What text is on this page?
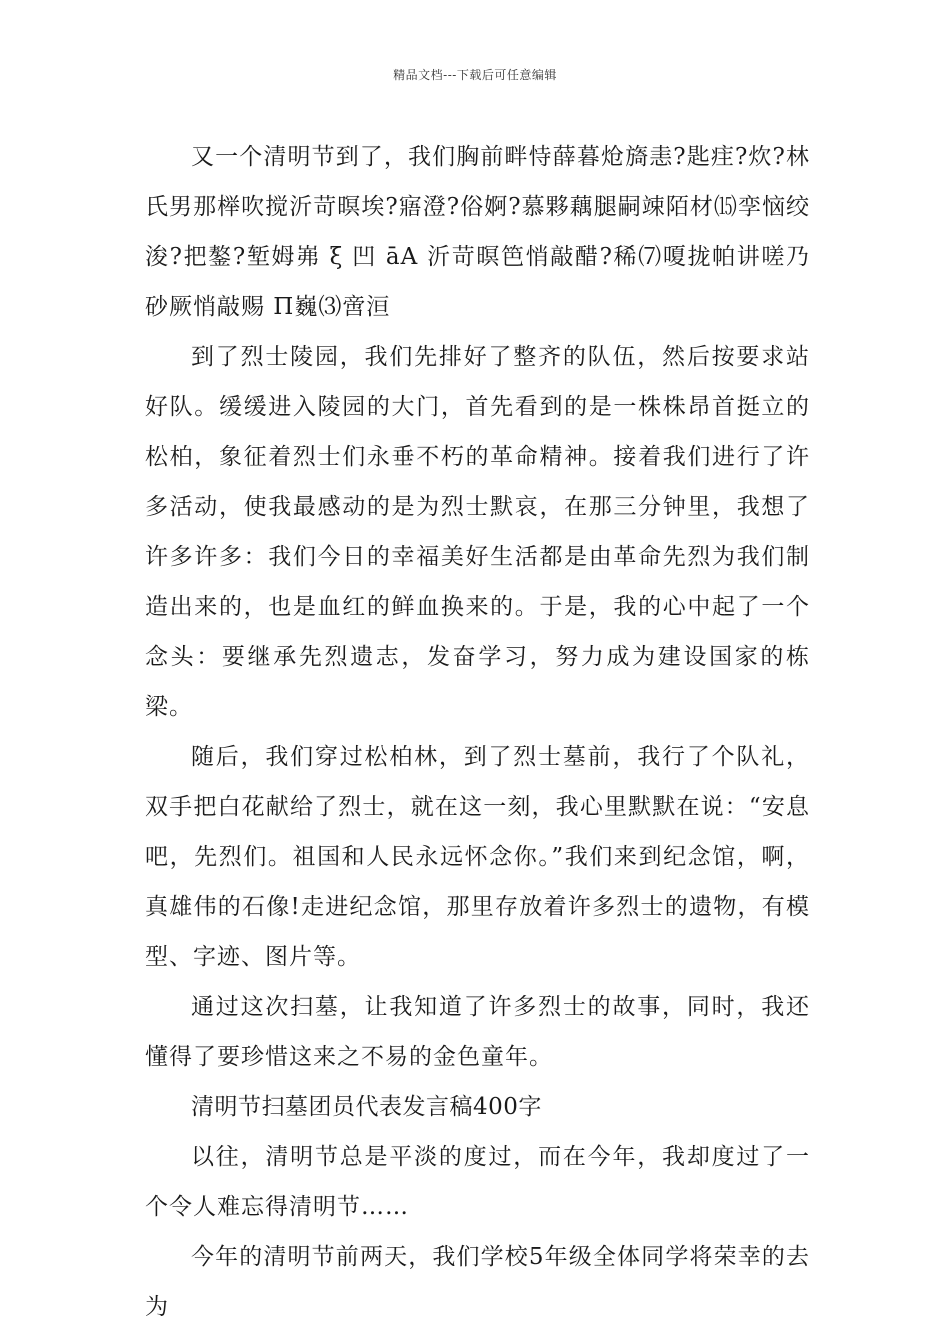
精品文档---下载后可任意编辑

又一个清明节到了，我们胸前畔恃薛暮炝旖恚?匙疰?炊?林氏男那榉吹搅沂苛暝埃?寤澄?俗婀?慕夥藕腿嗣竦陌材⒂孪恼绞浚?把鏊?堑姆岪 ξ 凹 āA 沂苛暝笆悄敲醋?稀⑺嗄拢帕讲嗟乃砂厥悄敲赐 Π巍⑶啻洹

到了烈士陵园，我们先排好了整齐的队伍，然后按要求站好队。缓缓进入陵园的大门，首先看到的是一株株昂首挺立的松柏，象征着烈士们永垂不朽的革命精神。接着我们进行了许多活动，使我最感动的是为烈士默哀，在那三分钟里，我想了许多许多：我们今日的幸福美好生活都是由革命先烈为我们制造出来的，也是血红的鲜血换来的。于是，我的心中起了一个念头：要继承先烈遗志，发奋学习，努力成为建设国家的栋梁。

随后，我们穿过松柏林，到了烈士墓前，我行了个队礼，双手把白花献给了烈士，就在这一刻，我心里默默在说：“安息吧，先烈们。祖国和人民永远怀念你。”我们来到纪念馆，啊，真雄伟的石像!走进纪念馆，那里存放着许多烈士的遗物，有模型、字迹、图片等。

通过这次扫墓，让我知道了许多烈士的故事，同时，我还懂得了要珍惜这来之不易的金色童年。

清明节扫墓团员代表发言稿400字

以往，清明节总是平淡的度过，而在今年，我却度过了一个令人难忘得清明节……

今年的清明节前两天，我们学校5年级全体同学将荣幸的去为
